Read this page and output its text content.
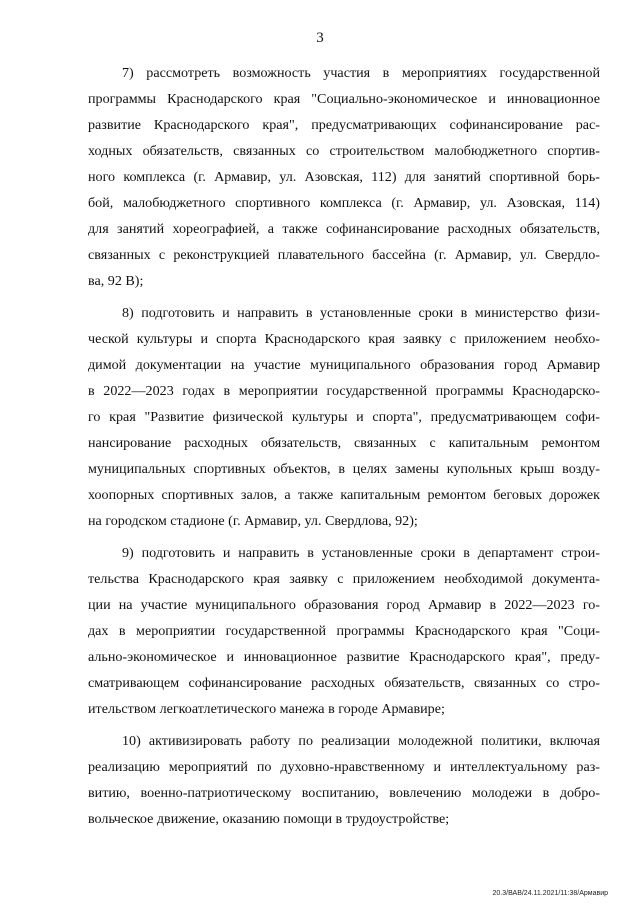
3
7) рассмотреть возможность участия в мероприятиях государственной
программы Краснодарского края "Социально-экономическое и инновационное
развитие Краснодарского края", предусматривающих софинансирование рас-
ходных обязательств, связанных со строительством малобюджетного спортив-
ного комплекса (г. Армавир, ул. Азовская, 112) для занятий спортивной борь-
бой, малобюджетного спортивного комплекса (г. Армавир, ул. Азовская, 114)
для занятий хореографией, а также софинансирование расходных обязательств,
связанных с реконструкцией плавательного бассейна (г. Армавир, ул. Свердло-
ва, 92 В);
8) подготовить и направить в установленные сроки в министерство физи-
ческой культуры и спорта Краснодарского края заявку с приложением необхо-
димой документации на участие муниципального образования город Армавир
в 2022—2023 годах в мероприятии государственной программы Краснодарско-
го края "Развитие физической культуры и спорта", предусматривающем софи-
нансирование расходных обязательств, связанных с капитальным ремонтом
муниципальных спортивных объектов, в целях замены купольных крыш возду-
хоопорных спортивных залов, а также капитальным ремонтом беговых дорожек
на городском стадионе (г. Армавир, ул. Свердлова, 92);
9) подготовить и направить в установленные сроки в департамент строи-
тельства Краснодарского края заявку с приложением необходимой документа-
ции на участие муниципального образования город Армавир в 2022—2023 го-
дах в мероприятии государственной программы Краснодарского края "Соци-
ально-экономическое и инновационное развитие Краснодарского края", преду-
сматривающем софинансирование расходных обязательств, связанных со стро-
ительством легкоатлетического манежа в городе Армавире;
10) активизировать работу по реализации молодежной политики, включая
реализацию мероприятий по духовно-нравственному и интеллектуальному раз-
витию, военно-патриотическому воспитанию, вовлечению молодежи в добро-
вольческое движение, оказанию помощи в трудоустройстве;
20.3/ВАВ/24.11.2021/11:38/Армавир
